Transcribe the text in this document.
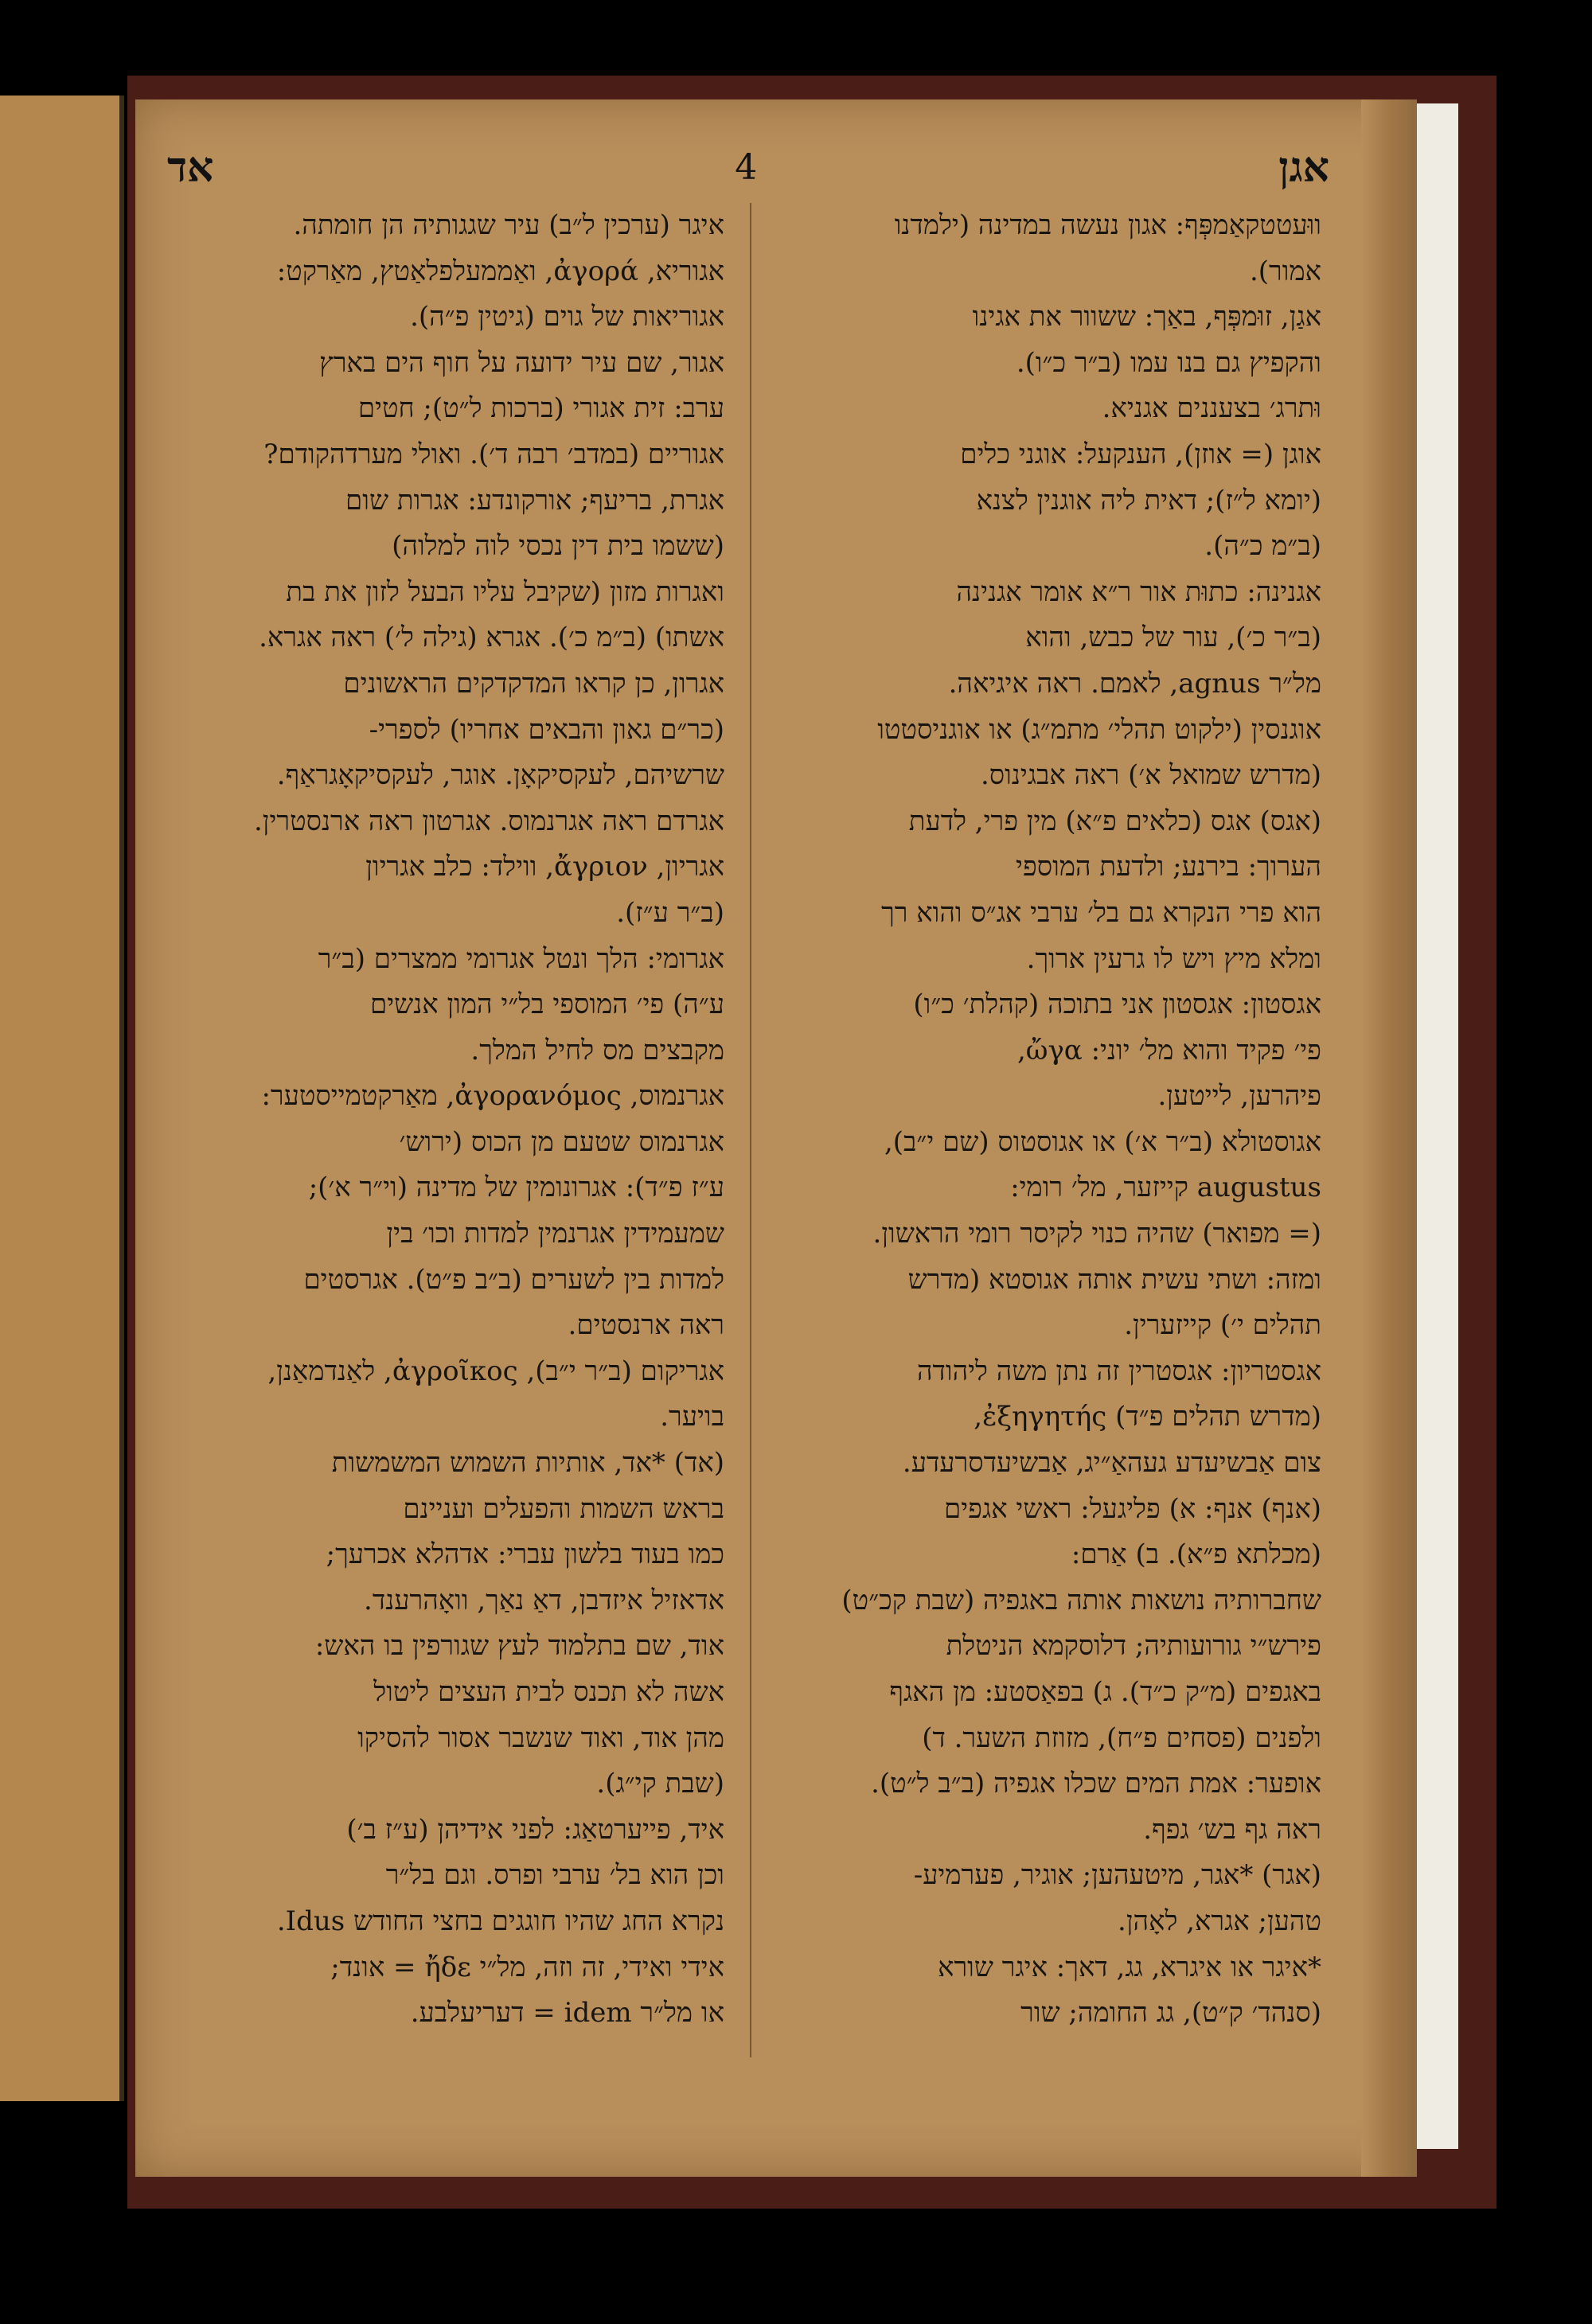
אד	4	אגן
ווּעטטקאַמפְּף: אגון נעשה במדינה (ילמדנו
אמור).
אגַן, זוּמפְּף, באַך: ששוור את אגינו
והקפיץ גם בנו עמו (ב״ר כ״ו).
וּתרג׳ בצעננים אגניא.
אוגן (= אוזן), הענקעל: אוגני כלים
(יומא ל״ז); דאית ליה אוגנין לצנא
(ב״מ כ״ה).
אגנינה: כתוּת אור ר״א אומר אגנינה
(ב״ר כ׳), עור של כבש, והוא
מל״ר agnus, לאמם. ראה איגיאה.
אוגנסין (ילקוט תהלי׳ מתמ״ג) או אוגניסטטו
(מדרש שמואל א׳) ראה אבגינוס.
(אגס) אגס (כלאים פ״א) מין פרי, לדעת
הערוך: בירנע; ולדעת המוספי
הוא פרי הנקרא גם בל׳ ערבי אג״ס והוא רך
ומלא מיץ ויש לו גרעין ארוך.
אגסטון: אגסטון אני בתוכה (קהלת׳ כ״ו)
פי׳ פקיד והוא מל׳ יוני: ὤγα,
פיהרען, לייטען.
אגוסטולא (ב״ר א׳) או אגוסטוס (שם י״ב),
augustus קייזער, מל׳ רומי:
(= מפואר) שהיה כנוי לקיסר רומי הראשון.
ומזה: ושתי עשית אותה אגוסטא (מדרש
תהלים י׳) קייזערין.
אגסטריון: אגסטרין זה נתן משה ליהודה
(מדרש תהלים פ״ד) ἐξηγητής,
צום אַבשיעדע געהאַ״יג, אַבשיעדסרעדע.
(אנף) אנף: א) פליגעל: ראשי אגפים
(מכלתא פ״א). ב) אַרם:
שחברותיה נושאות אותה באגפיה (שבת קכ״ט)
פירש״י גורועותיה; דלוסקמא הניטלת
באגפים (מ״ק כ״ד). ג) בפאַסטע: מן האגף
ולפנים (פסחים פ״ח), מזוזת השער. ד)
אופער: אמת המים שכלו אגפיה (ב״ב ל״ט).
ראה גף בש׳ גפף.
(אגר) *אגר, מיטעהען; אוגיר, פערמיע-
טהען; אגרא, לאָהן.
*איגר או איגרא, גג, דאך: איגר שורא
(סנהד׳ ק״ט), גג החומה; שור
איגר (ערכין ל״ב) עיר שגגותיה הן חומתה.
אגוריא, ἀγορά, ואַממעלפלאַטץ, מאַרקט:
אגוריאות של גוים (גיטין פ״ה).
אגור, שם עיר ידועה על חוף הים בארץ
ערב: זית אגורי (ברכות ל״ט); חטים
אגוריים (במדב׳ רבה ד׳). ואולי מערדהקודם?
אגרת, בריעף; אורקונדע: אגרות שום
(ששמו בית דין נכסי לוה למלוה)
ואגרות מזון (שקיבל עליו הבעל לזון את בת
אשתו) (ב״מ כ׳). אגרא (גילה ל׳) ראה אגרא.
אגרון, כן קראו המדקדקים הראשונים
(כר״ם גאון והבאים אחריו) לספרי-
שרשיהם, לעקסיקאָן. אוגר, לעקסיקאָגראַף.
אגרדם ראה אגרנמוס. אגרטון ראה ארנסטרין.
אגריון, ἄγριον, ווילד: כלב אגריון
(ב״ר ע״ז).
אגרומי: הלך ונטל אגרומי ממצרים (ב״ר
ע״ה) פי׳ המוספי בל״י המון אנשים
מקבצים מס לחיל המלך.
אגרנמוס, ἀγορανόμος, מאַרקטמייסטער:
אגרנמוס שטעם מן הכוס (ירוש׳
ע״ז פ״ד): אגרונומין של מדינה (וי״ר א׳);
שמעמידין אגרנמין למדות וכו׳ בין
למדות בין לשערים (ב״ב פ״ט). אגרסטים
ראה ארנסטים.
אגריקום (ב״ר י״ב), ἀγροῖκος, לאַנדמאַנן,
בויער.
(אד) *אד, אותיות השמוש המשמשות
בראש השמות והפעלים ועניינם
כמו בעוד בלשון עברי: אדהלא אכרעך;
אדאזיל איזדבן, דאַ נאַך, וואָהרענד.
אוד, שם בתלמוד לעץ שגורפין בו האש:
אשה לא תכנס לבית העצים ליטול
מהן אוד, ואוד שנשבר אסור להסיקו
(שבת קי״ג).
איד, פייערטאַג: לפני אידיהן (ע״ז ב׳)
וכן הוא בל׳ ערבי ופרס. וגם בל״ר
נקרא החג שהיו חוגגים בחצי החודש Idus.
אידי ואידי, זה וזה, מל״י ἤδε = אונד;
או מל״ר idem = דעריעלבע.
